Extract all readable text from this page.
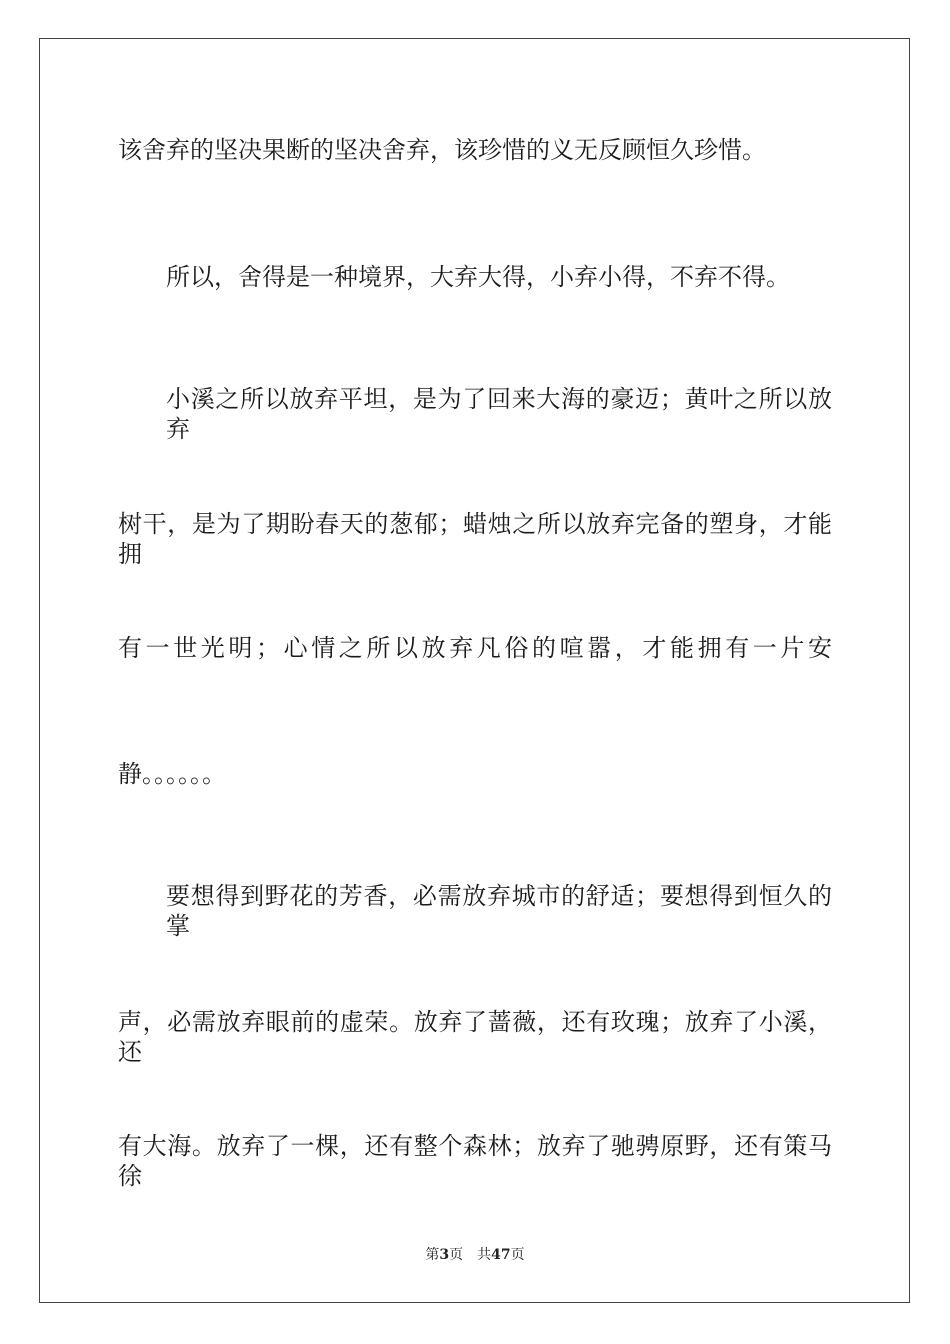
该舍弃的坚决果断的坚决舍弃，该珍惜的义无反顾恒久珍惜。
所以，舍得是一种境界，大弃大得，小弃小得，不弃不得。
小溪之所以放弃平坦，是为了回来大海的豪迈；黄叶之所以放弃
树干，是为了期盼春天的葱郁；蜡烛之所以放弃完备的塑身，才能拥
有一世光明；心情之所以放弃凡俗的喧嚣，才能拥有一片安
静。。。。。。
要想得到野花的芳香，必需放弃城市的舒适；要想得到恒久的掌
声，必需放弃眼前的虚荣。放弃了蔷薇，还有玫瑰；放弃了小溪，还
有大海。放弃了一棵，还有整个森林；放弃了驰骋原野，还有策马徐
第3页 共47页
